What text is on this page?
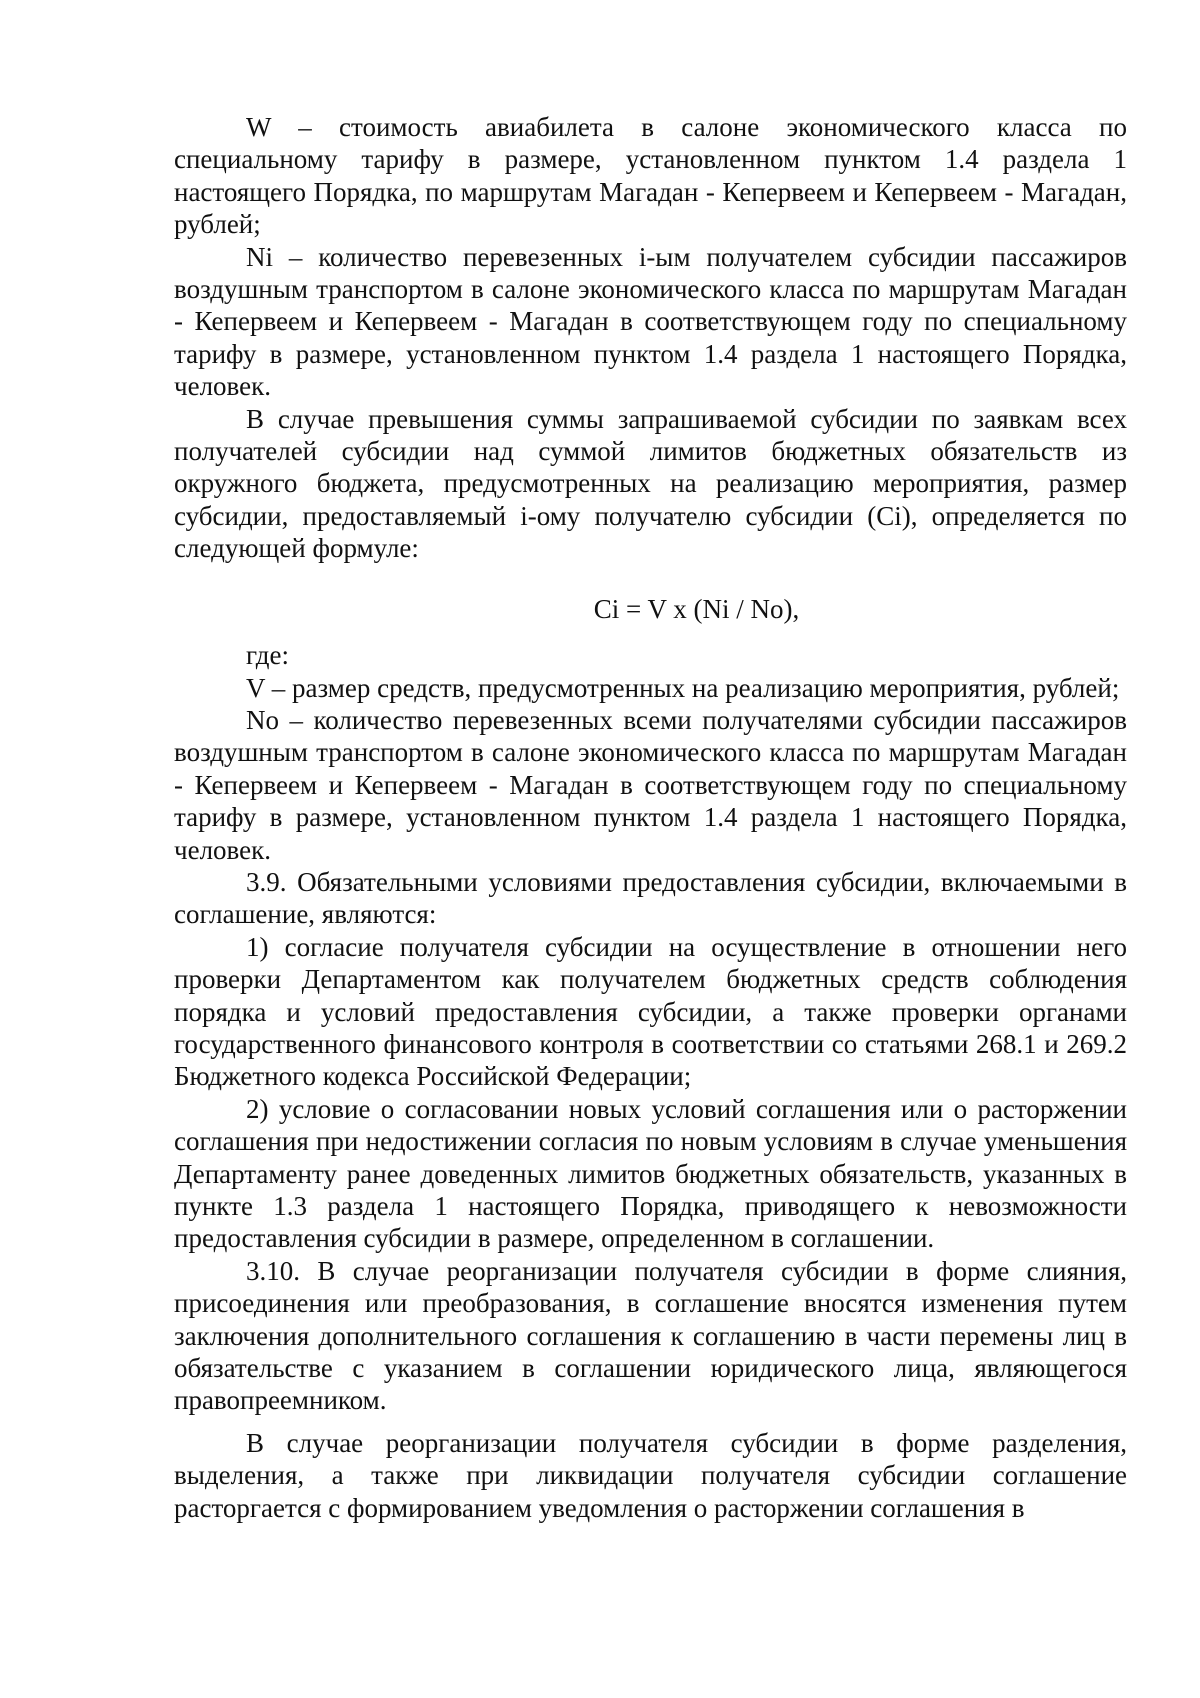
W – стоимость авиабилета в салоне экономического класса по специальному тарифу в размере, установленном пунктом 1.4 раздела 1 настоящего Порядка, по маршрутам Магадан - Кепервеем и Кепервеем - Магадан, рублей;

Ni – количество перевезенных i-ым получателем субсидии пассажиров воздушным транспортом в салоне экономического класса по маршрутам Магадан - Кепервеем и Кепервеем - Магадан в соответствующем году по специальному тарифу в размере, установленном пунктом 1.4 раздела 1 настоящего Порядка, человек.

В случае превышения суммы запрашиваемой субсидии по заявкам всех получателей субсидии над суммой лимитов бюджетных обязательств из окружного бюджета, предусмотренных на реализацию мероприятия, размер субсидии, предоставляемый i-ому получателю субсидии (Ci), определяется по следующей формуле:

Ci = V x (Ni / No),

где:

V – размер средств, предусмотренных на реализацию мероприятия, рублей;

No – количество перевезенных всеми получателями субсидии пассажиров воздушным транспортом в салоне экономического класса по маршрутам Магадан - Кепервеем и Кепервеем - Магадан в соответствующем году по специальному тарифу в размере, установленном пунктом 1.4 раздела 1 настоящего Порядка, человек.

3.9. Обязательными условиями предоставления субсидии, включаемыми в соглашение, являются:

1) согласие получателя субсидии на осуществление в отношении него проверки Департаментом как получателем бюджетных средств соблюдения порядка и условий предоставления субсидии, а также проверки органами государственного финансового контроля в соответствии со статьями 268.1 и 269.2 Бюджетного кодекса Российской Федерации;

2) условие о согласовании новых условий соглашения или о расторжении соглашения при недостижении согласия по новым условиям в случае уменьшения Департаменту ранее доведенных лимитов бюджетных обязательств, указанных в пункте 1.3 раздела 1 настоящего Порядка, приводящего к невозможности предоставления субсидии в размере, определенном в соглашении.

3.10. В случае реорганизации получателя субсидии в форме слияния, присоединения или преобразования, в соглашение вносятся изменения путем заключения дополнительного соглашения к соглашению в части перемены лиц в обязательстве с указанием в соглашении юридического лица, являющегося правопреемником.

В случае реорганизации получателя субсидии в форме разделения, выделения, а также при ликвидации получателя субсидии соглашение расторгается с формированием уведомления о расторжении соглашения в
